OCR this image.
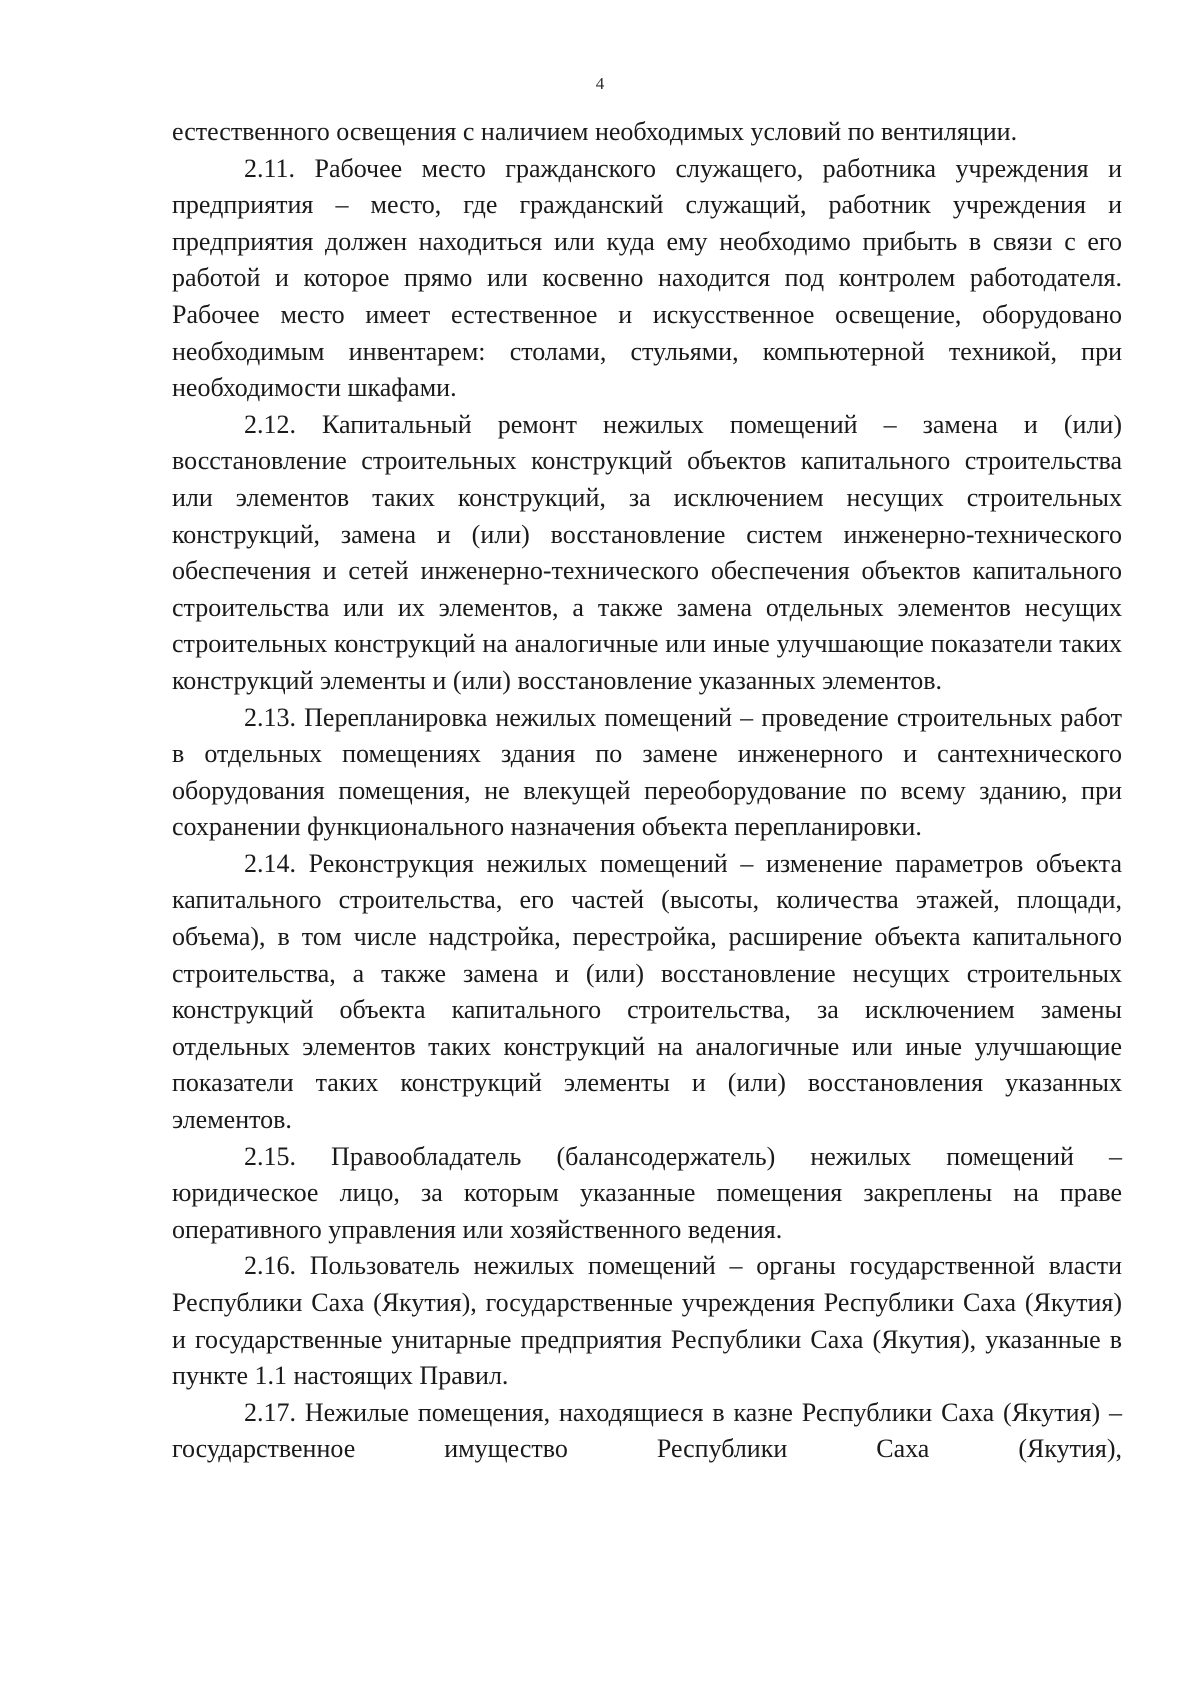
4

естественного освещения с наличием необходимых условий по вентиляции.

2.11. Рабочее место гражданского служащего, работника учреждения и предприятия – место, где гражданский служащий, работник учреждения и предприятия должен находиться или куда ему необходимо прибыть в связи с его работой и которое прямо или косвенно находится под контролем работодателя. Рабочее место имеет естественное и искусственное освещение, оборудовано необходимым инвентарем: столами, стульями, компьютерной техникой, при необходимости шкафами.

2.12. Капитальный ремонт нежилых помещений – замена и (или) восстановление строительных конструкций объектов капитального строительства или элементов таких конструкций, за исключением несущих строительных конструкций, замена и (или) восстановление систем инженерно-технического обеспечения и сетей инженерно-технического обеспечения объектов капитального строительства или их элементов, а также замена отдельных элементов несущих строительных конструкций на аналогичные или иные улучшающие показатели таких конструкций элементы и (или) восстановление указанных элементов.

2.13. Перепланировка нежилых помещений – проведение строительных работ в отдельных помещениях здания по замене инженерного и сантехнического оборудования помещения, не влекущей переоборудование по всему зданию, при сохранении функционального назначения объекта перепланировки.

2.14. Реконструкция нежилых помещений – изменение параметров объекта капитального строительства, его частей (высоты, количества этажей, площади, объема), в том числе надстройка, перестройка, расширение объекта капитального строительства, а также замена и (или) восстановление несущих строительных конструкций объекта капитального строительства, за исключением замены отдельных элементов таких конструкций на аналогичные или иные улучшающие показатели таких конструкций элементы и (или) восстановления указанных элементов.

2.15. Правообладатель (балансодержатель) нежилых помещений – юридическое лицо, за которым указанные помещения закреплены на праве оперативного управления или хозяйственного ведения.

2.16. Пользователь нежилых помещений – органы государственной власти Республики Саха (Якутия), государственные учреждения Республики Саха (Якутия) и государственные унитарные предприятия Республики Саха (Якутия), указанные в пункте 1.1 настоящих Правил.

2.17. Нежилые помещения, находящиеся в казне Республики Саха (Якутия) – государственное имущество Республики Саха (Якутия),
